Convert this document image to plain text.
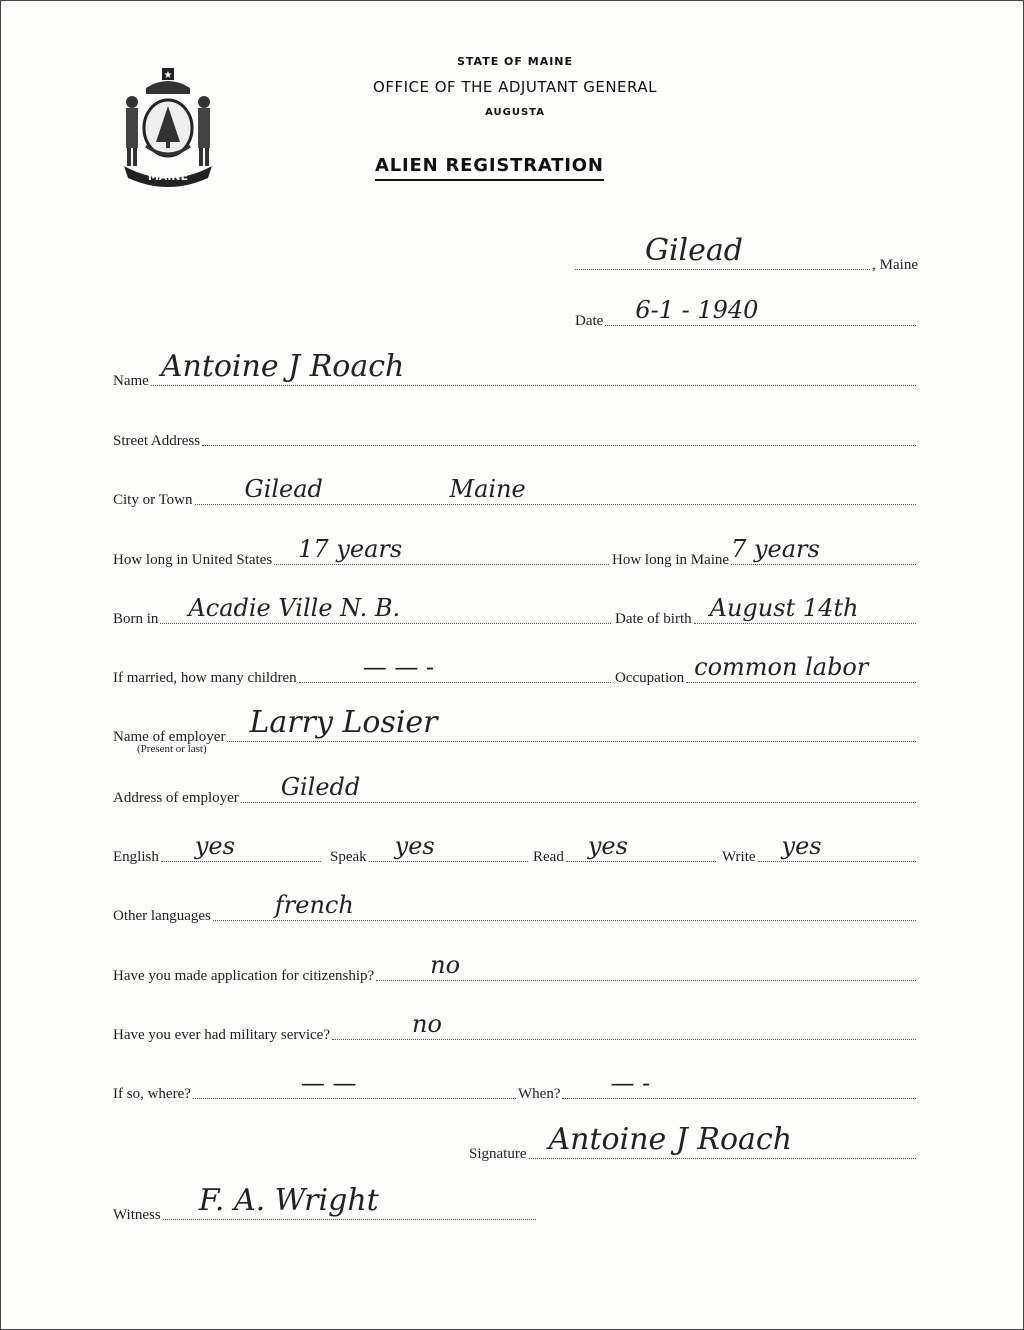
★
MAINE
STATE OF MAINE
OFFICE OF THE ADJUTANT GENERAL
AUGUSTA
ALIEN REGISTRATION
Gilead	, Maine
Date 6-1 - 1940
Name Antoine J Roach
Street Address
City or Town Gilead	Maine
How long in United States 17 years	How long in Maine 7 years
Born in Acadie Ville N. B.	Date of birth August 14th
If married, how many children	— — -	Occupation common labor
Name of employer Larry Losier
(Present or last)
Address of employer Giledd
English yes	Speak yes	Read yes	Write yes
Other languages	french
Have you made application for citizenship? no
Have you ever had military service?	no
If so, where?	— —	When? — -
Signature Antoine J Roach
Witness F. A. Wright
